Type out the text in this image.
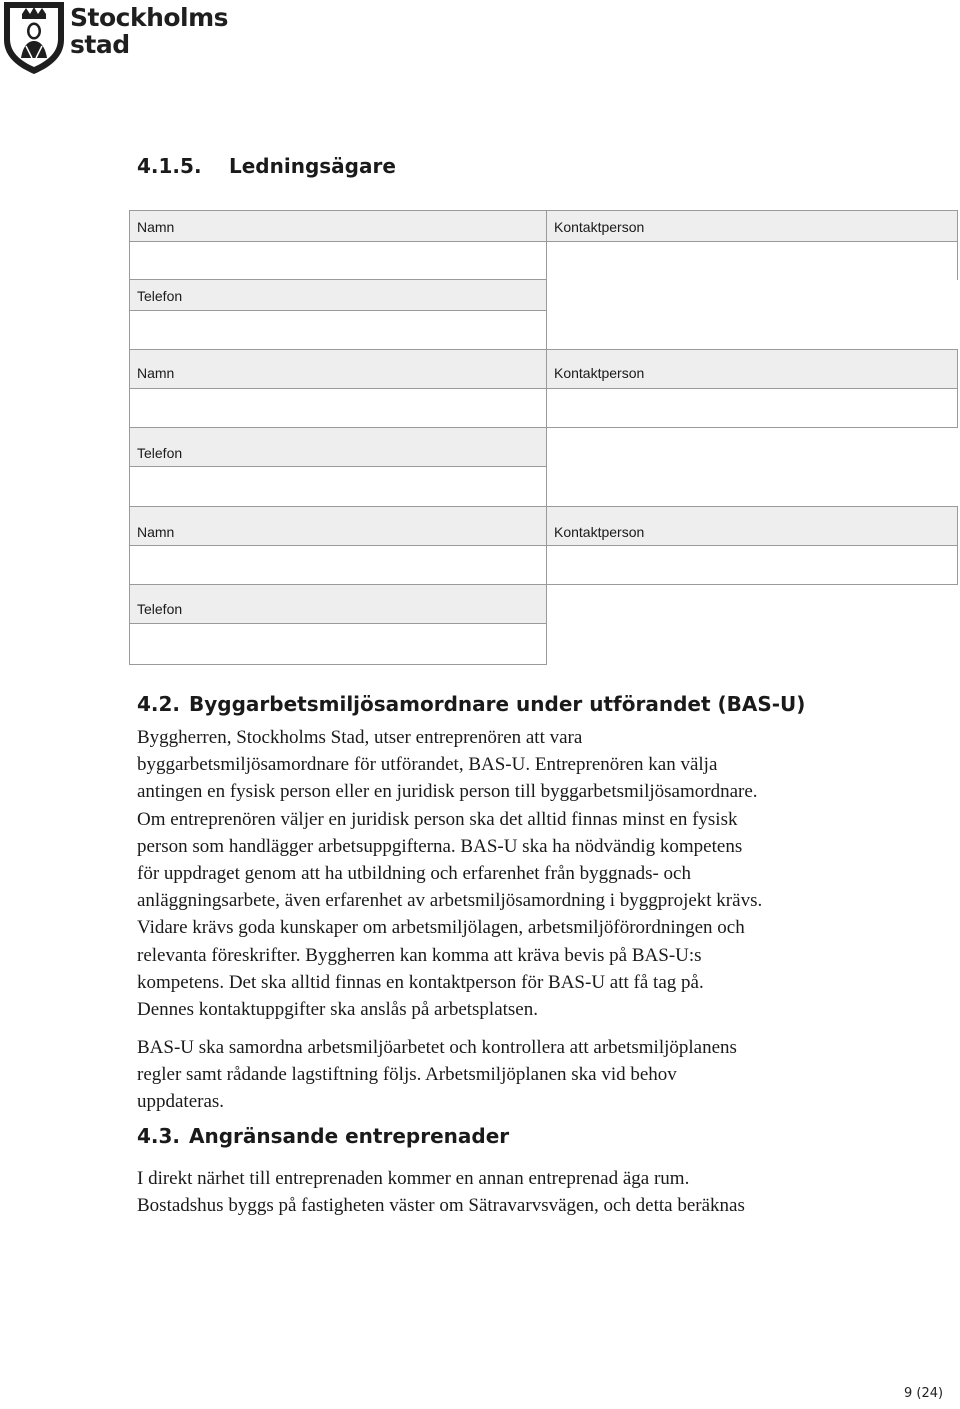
Stockholms
stad
4.1.5. Ledningsägare
Namn	Kontaktperson
Telefon
Namn	Kontaktperson
Telefon
Namn	Kontaktperson
Telefon
4.2. Byggarbetsmiljösamordnare under utförandet (BAS-U)

Byggherren, Stockholms Stad, utser entreprenören att vara

byggarbetsmiljösamordnare för utförandet, BAS-U. Entreprenören kan välja

antingen en fysisk person eller en juridisk person till byggarbetsmiljösamordnare.

Om entreprenören väljer en juridisk person ska det alltid finnas minst en fysisk

person som handlägger arbetsuppgifterna. BAS-U ska ha nödvändig kompetens

för uppdraget genom att ha utbildning och erfarenhet från byggnads- och

anläggningsarbete, även erfarenhet av arbetsmiljösamordning i byggprojekt krävs.

Vidare krävs goda kunskaper om arbetsmiljölagen, arbetsmiljöförordningen och

relevanta föreskrifter. Byggherren kan komma att kräva bevis på BAS-U:s

kompetens. Det ska alltid finnas en kontaktperson för BAS-U att få tag på.

Dennes kontaktuppgifter ska anslås på arbetsplatsen.

BAS-U ska samordna arbetsmiljöarbetet och kontrollera att arbetsmiljöplanens

regler samt rådande lagstiftning följs. Arbetsmiljöplanen ska vid behov

uppdateras.

4.3. Angränsande entreprenader

I direkt närhet till entreprenaden kommer en annan entreprenad äga rum.

Bostadshus byggs på fastigheten väster om Sätravarvsvägen, och detta beräknas

9 (24)
